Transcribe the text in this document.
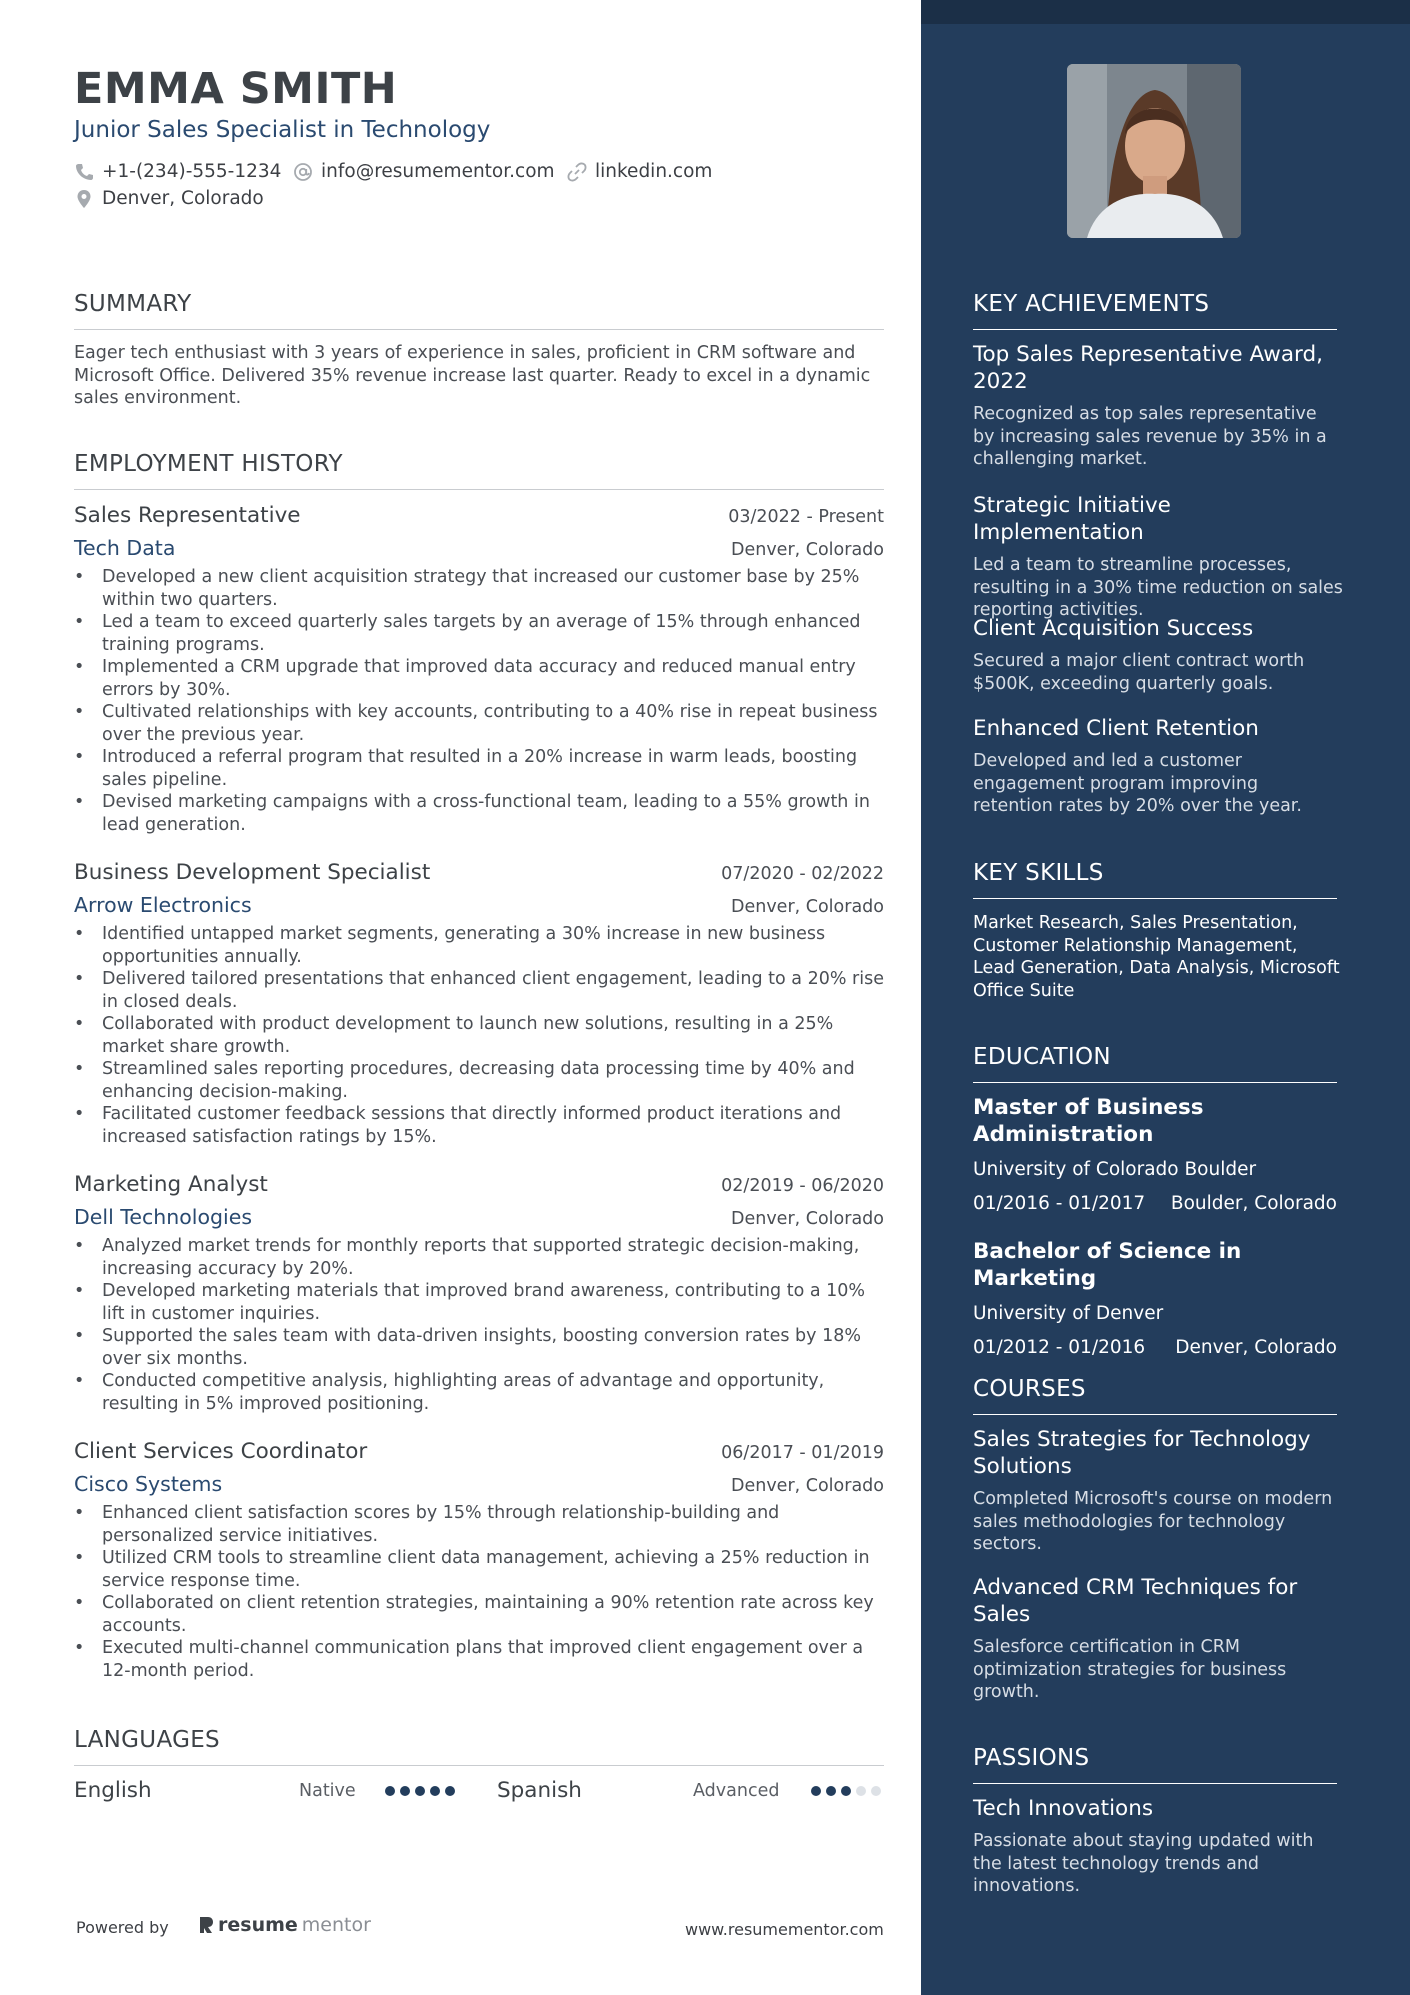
EMMA SMITH
Junior Sales Specialist in Technology
+1-(234)-555-1234 info@resumementor.com linkedin.com
Denver, Colorado
SUMMARY
Eager tech enthusiast with 3 years of experience in sales, proficient in CRM software and Microsoft Office. Delivered 35% revenue increase last quarter. Ready to excel in a dynamic sales environment.
EMPLOYMENT HISTORY
Sales Representative	03/2022 - Present
Tech Data	Denver, Colorado
• Developed a new client acquisition strategy that increased our customer base by 25% within two quarters.
• Led a team to exceed quarterly sales targets by an average of 15% through enhanced training programs.
• Implemented a CRM upgrade that improved data accuracy and reduced manual entry errors by 30%.
• Cultivated relationships with key accounts, contributing to a 40% rise in repeat business over the previous year.
• Introduced a referral program that resulted in a 20% increase in warm leads, boosting sales pipeline.
• Devised marketing campaigns with a cross-functional team, leading to a 55% growth in lead generation.
Business Development Specialist	07/2020 - 02/2022
Arrow Electronics	Denver, Colorado
• Identified untapped market segments, generating a 30% increase in new business opportunities annually.
• Delivered tailored presentations that enhanced client engagement, leading to a 20% rise in closed deals.
• Collaborated with product development to launch new solutions, resulting in a 25% market share growth.
• Streamlined sales reporting procedures, decreasing data processing time by 40% and enhancing decision-making.
• Facilitated customer feedback sessions that directly informed product iterations and increased satisfaction ratings by 15%.
Marketing Analyst	02/2019 - 06/2020
Dell Technologies	Denver, Colorado
• Analyzed market trends for monthly reports that supported strategic decision-making, increasing accuracy by 20%.
• Developed marketing materials that improved brand awareness, contributing to a 10% lift in customer inquiries.
• Supported the sales team with data-driven insights, boosting conversion rates by 18% over six months.
• Conducted competitive analysis, highlighting areas of advantage and opportunity, resulting in 5% improved positioning.
Client Services Coordinator	06/2017 - 01/2019
Cisco Systems	Denver, Colorado
• Enhanced client satisfaction scores by 15% through relationship-building and personalized service initiatives.
• Utilized CRM tools to streamline client data management, achieving a 25% reduction in service response time.
• Collaborated on client retention strategies, maintaining a 90% retention rate across key accounts.
• Executed multi-channel communication plans that improved client engagement over a 12-month period.
LANGUAGES
English	Native	Spanish	Advanced
Powered by	resume mentor	www.resumementor.com
KEY ACHIEVEMENTS
Top Sales Representative Award, 2022
Recognized as top sales representative by increasing sales revenue by 35% in a challenging market.
Strategic Initiative Implementation
Led a team to streamline processes, resulting in a 30% time reduction on sales reporting activities.
Client Acquisition Success
Secured a major client contract worth $500K, exceeding quarterly goals.
Enhanced Client Retention
Developed and led a customer engagement program improving retention rates by 20% over the year.
KEY SKILLS
Market Research, Sales Presentation, Customer Relationship Management, Lead Generation, Data Analysis, Microsoft Office Suite
EDUCATION
Master of Business Administration
University of Colorado Boulder
01/2016 - 01/2017 Boulder, Colorado
Bachelor of Science in Marketing
University of Denver
01/2012 - 01/2016 Denver, Colorado
COURSES
Sales Strategies for Technology Solutions
Completed Microsoft's course on modern sales methodologies for technology sectors.
Advanced CRM Techniques for Sales
Salesforce certification in CRM optimization strategies for business growth.
PASSIONS
Tech Innovations
Passionate about staying updated with the latest technology trends and innovations.
